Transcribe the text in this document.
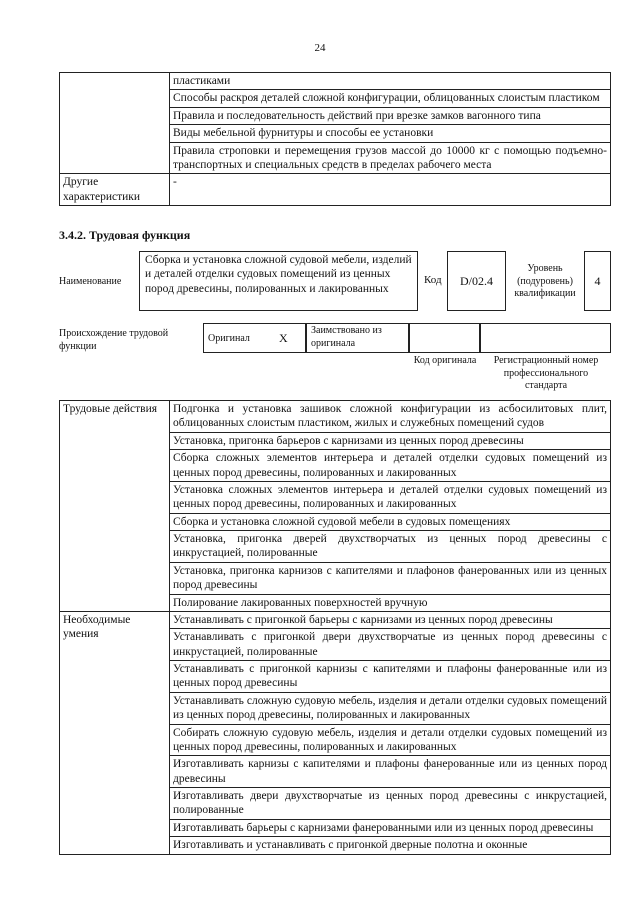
24
	пластиками
	Способы раскроя деталей сложной конфигурации, облицованных слоистым пластиком
	Правила и последовательность действий при врезке замков вагонного типа
	Виды мебельной фурнитуры и способы ее установки
	Правила строповки и перемещения грузов массой до 10000 кг с помощью подъемно-транспортных и специальных средств в пределах рабочего места
Другие характеристики	-
3.4.2. Трудовая функция
Наименование
Сборка и установка сложной судовой мебели, изделий и деталей отделки судовых помещений из ценных пород древесины, полированных и лакированных
Код D/02.4
Уровень (подуровень) квалификации
4
Происхождение трудовой функции
Оригинал X
Заимствовано из оригинала
Код оригинала	Регистрационный номер профессионального стандарта
Трудовые действия	Подгонка и установка зашивок сложной конфигурации из асбосилитовых плит, облицованных слоистым пластиком, жилых и служебных помещений судов
	Установка, пригонка барьеров с карнизами из ценных пород древесины
	Сборка сложных элементов интерьера и деталей отделки судовых помещений из ценных пород древесины, полированных и лакированных
	Установка сложных элементов интерьера и деталей отделки судовых помещений из ценных пород древесины, полированных и лакированных
	Сборка и установка сложной судовой мебели в судовых помещениях
	Установка, пригонка дверей двухстворчатых из ценных пород древесины с инкрустацией, полированные
	Установка, пригонка карнизов с капителями и плафонов фанерованных или из ценных пород древесины
	Полирование лакированных поверхностей вручную
Необходимые умения	Устанавливать с пригонкой барьеры с карнизами из ценных пород древесины
	Устанавливать с пригонкой двери двухстворчатые из ценных пород древесины с инкрустацией, полированные
	Устанавливать с пригонкой карнизы с капителями и плафоны фанерованные или из ценных пород древесины
	Устанавливать сложную судовую мебель, изделия и детали отделки судовых помещений из ценных пород древесины, полированных и лакированных
	Собирать сложную судовую мебель, изделия и детали отделки судовых помещений из ценных пород древесины, полированных и лакированных
	Изготавливать карнизы с капителями и плафоны фанерованные или из ценных пород древесины
	Изготавливать двери двухстворчатые из ценных пород древесины с инкрустацией, полированные
	Изготавливать барьеры с карнизами фанерованными или из ценных пород древесины
	Изготавливать и устанавливать с пригонкой дверные полотна и оконные
